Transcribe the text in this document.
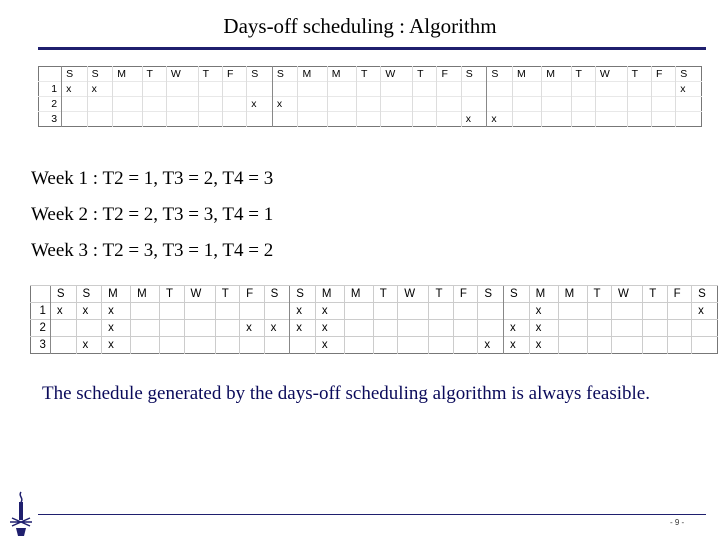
Days-off scheduling : Algorithm
	S	S	M	T	W	T	F	S	S	M	M	T	W	T	F	S	S	M	M	T	W	T	F	S
1	x	x																						x
2								x	x															
3																x	x							
Week 1 : T2 = 1, T3 = 2, T4 = 3
Week 2 : T2 = 2, T3 = 3, T4 = 1
Week 3 : T2 = 3, T3 = 1, T4 = 2
	S	S	M	M	T	W	T	F	S	S	M	M	T	W	T	F	S	S	M	M	T	W	T	F	S
1	x	x	x							x	x								x						x
2			x					x	x	x	x							x	x						
3		x	x								x						x	x	x						
The schedule generated by the days-off scheduling algorithm is always feasible.
- 9 -
